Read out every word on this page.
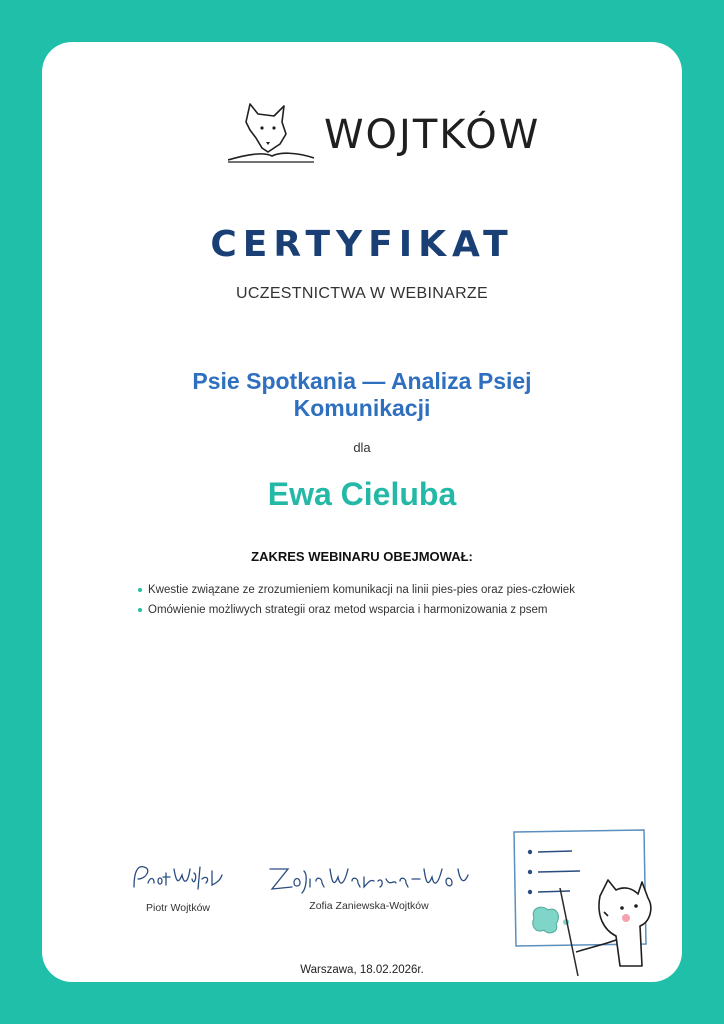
WOJTKÓW
CERTYFIKAT
UCZESTNICTWA W WEBINARZE
Psie Spotkania — Analiza Psiej Komunikacji
dla
Ewa Cieluba
ZAKRES WEBINARU OBEJMOWAŁ:
Kwestie związane ze zrozumieniem komunikacji na linii pies-pies oraz pies-człowiek
Omówienie możliwych strategii oraz metod wsparcia i harmonizowania z psem
Piotr Wojtków	Zofia Zaniewska-Wojtków
Warszawa, 18.02.2026r.
